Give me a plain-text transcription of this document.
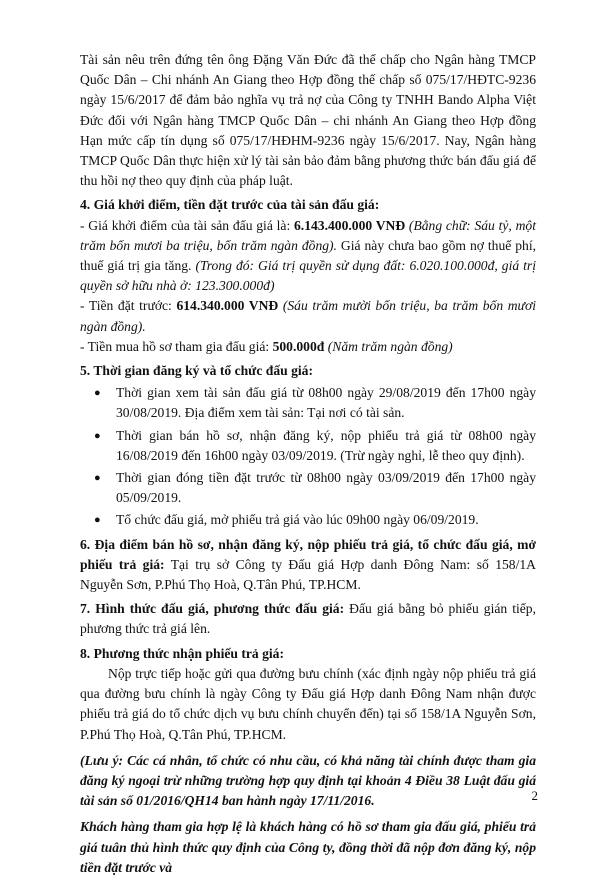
Tài sản nêu trên đứng tên ông Đặng Văn Đức đã thế chấp cho Ngân hàng TMCP Quốc Dân – Chi nhánh An Giang theo Hợp đồng thế chấp số 075/17/HĐTC-9236 ngày 15/6/2017 để đảm bảo nghĩa vụ trả nợ của Công ty TNHH Bando Alpha Việt Đức đối với Ngân hàng TMCP Quốc Dân – chi nhánh An Giang theo Hợp đồng Hạn mức cấp tín dụng số 075/17/HĐHM-9236 ngày 15/6/2017. Nay, Ngân hàng TMCP Quốc Dân thực hiện xử lý tài sản bảo đảm bằng phương thức bán đấu giá để thu hồi nợ theo quy định của pháp luật.

4. Giá khởi điểm, tiền đặt trước của tài sản đấu giá:

- Giá khởi điểm của tài sản đấu giá là: 6.143.400.000 VNĐ (Bằng chữ: Sáu tỷ, một trăm bốn mươi ba triệu, bốn trăm ngàn đồng). Giá này chưa bao gồm nợ thuế phí, thuế giá trị gia tăng. (Trong đó: Giá trị quyền sử dụng đất: 6.020.100.000đ, giá trị quyền sở hữu nhà ở: 123.300.000đ)

- Tiền đặt trước: 614.340.000 VNĐ (Sáu trăm mười bốn triệu, ba trăm bốn mươi ngàn đồng).

- Tiền mua hồ sơ tham gia đấu giá: 500.000đ (Năm trăm ngàn đồng)

5. Thời gian đăng ký và tổ chức đấu giá:

● Thời gian xem tài sản đấu giá từ 08h00 ngày 29/08/2019 đến 17h00 ngày 30/08/2019. Địa điểm xem tài sản: Tại nơi có tài sản.
● Thời gian bán hồ sơ, nhận đăng ký, nộp phiếu trả giá từ 08h00 ngày 16/08/2019 đến 16h00 ngày 03/09/2019. (Trừ ngày nghỉ, lễ theo quy định).
● Thời gian đóng tiền đặt trước từ 08h00 ngày 03/09/2019 đến 17h00 ngày 05/09/2019.
● Tổ chức đấu giá, mở phiếu trả giá vào lúc 09h00 ngày 06/09/2019.

6. Địa điểm bán hồ sơ, nhận đăng ký, nộp phiếu trả giá, tổ chức đấu giá, mở phiếu trả giá: Tại trụ sở Công ty Đấu giá Hợp danh Đông Nam: số 158/1A Nguyễn Sơn, P.Phú Thọ Hoà, Q.Tân Phú, TP.HCM.

7. Hình thức đấu giá, phương thức đấu giá: Đấu giá bằng bỏ phiếu gián tiếp, phương thức trả giá lên.

8. Phương thức nhận phiếu trả giá:

Nộp trực tiếp hoặc gửi qua đường bưu chính (xác định ngày nộp phiếu trả giá qua đường bưu chính là ngày Công ty Đấu giá Hợp danh Đông Nam nhận được phiếu trả giá do tổ chức dịch vụ bưu chính chuyển đến) tại số 158/1A Nguyễn Sơn, P.Phú Thọ Hoà, Q.Tân Phú, TP.HCM.

(Lưu ý: Các cá nhân, tổ chức có nhu cầu, có khả năng tài chính được tham gia đăng ký ngoại trừ những trường hợp quy định tại khoản 4 Điều 38 Luật đấu giá tài sản số 01/2016/QH14 ban hành ngày 17/11/2016.

Khách hàng tham gia hợp lệ là khách hàng có hồ sơ tham gia đấu giá, phiếu trả giá tuân thủ hình thức quy định của Công ty, đồng thời đã nộp đơn đăng ký, nộp tiền đặt trước và

2
